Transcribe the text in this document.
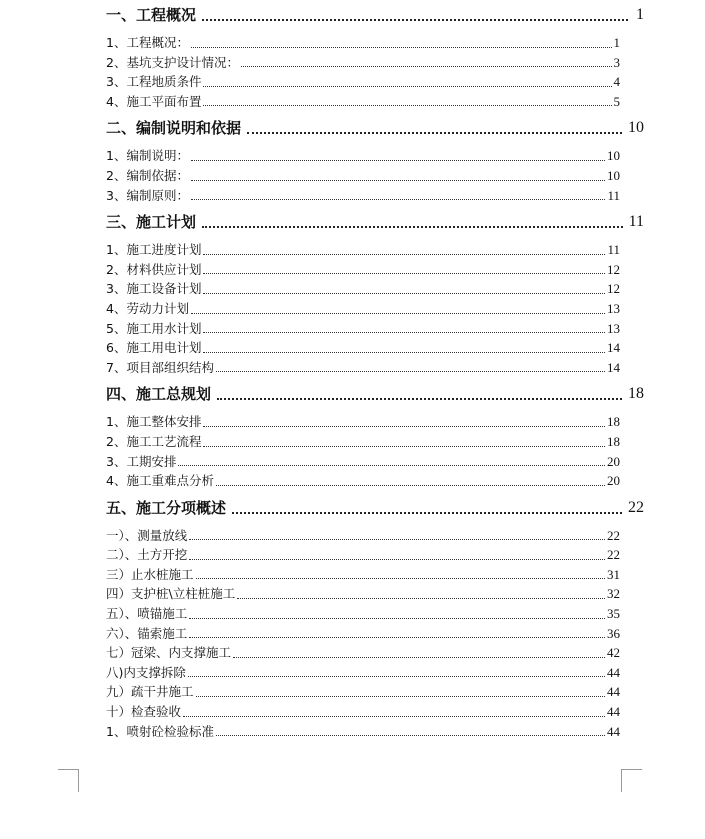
一、工程概况	1
1、工程概况：	1
2、基坑支护设计情况：	3
3、工程地质条件	4
4、施工平面布置	5
二、编制说明和依据	10
1、编制说明：	10
2、编制依据：	10
3、编制原则：	11
三、施工计划	11
1、施工进度计划	11
2、材料供应计划	12
3、施工设备计划	12
4、劳动力计划	13
5、施工用水计划	13
6、施工用电计划	14
7、项目部组织结构	14
四、施工总规划	18
1、施工整体安排	18
2、施工工艺流程	18
3、工期安排	20
4、施工重难点分析	20
五、施工分项概述	22
一）、测量放线	22
二）、土方开挖	22
三）止水桩施工	31
四）支护桩\立柱桩施工	32
五）、喷锚施工	35
六）、锚索施工	36
七）冠梁、内支撑施工	42
八)内支撑拆除	44
九）疏干井施工	44
十）检查验收	44
1、喷射砼检验标准	44
